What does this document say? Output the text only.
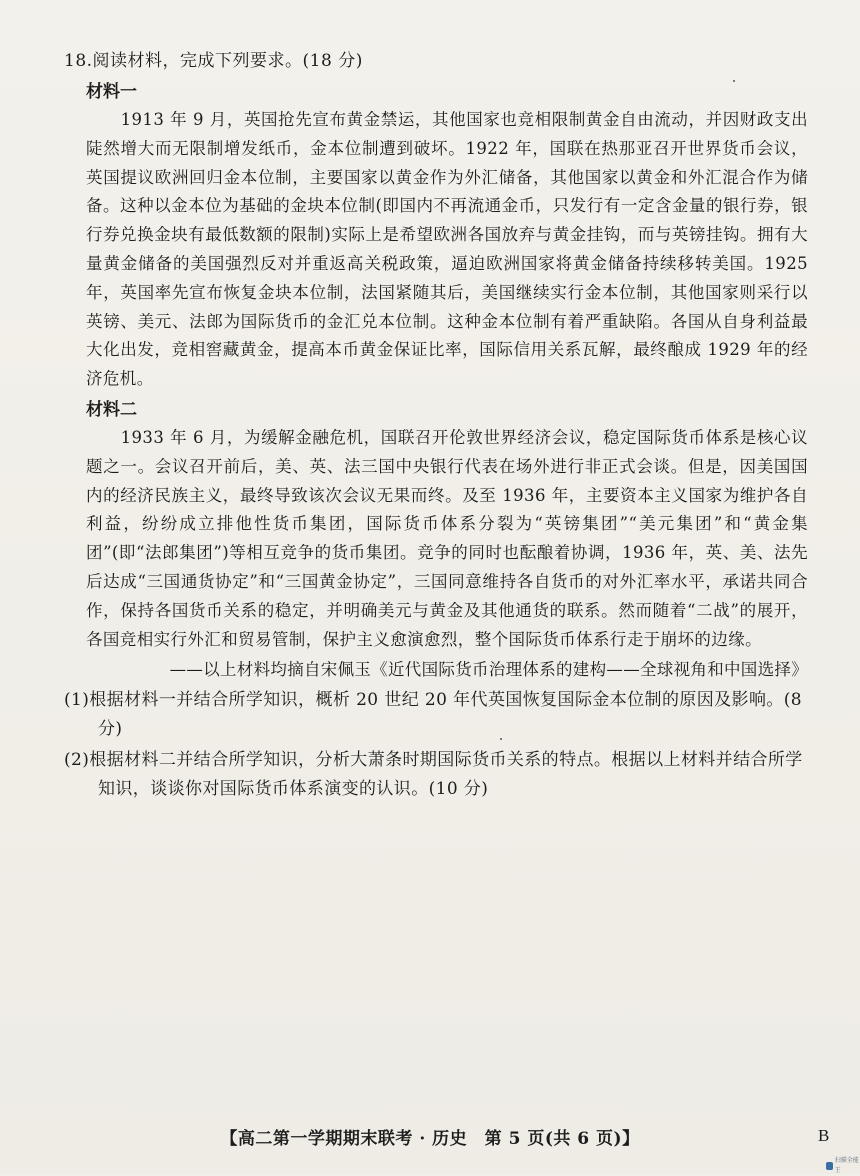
18.阅读材料，完成下列要求。(18 分)

材料一

1913 年 9 月，英国抢先宣布黄金禁运，其他国家也竞相限制黄金自由流动，并因财政支出陡然增大而无限制增发纸币，金本位制遭到破坏。1922 年，国联在热那亚召开世界货币会议，英国提议欧洲回归金本位制，主要国家以黄金作为外汇储备，其他国家以黄金和外汇混合作为储备。这种以金本位为基础的金块本位制(即国内不再流通金币，只发行有一定含金量的银行券，银行券兑换金块有最低数额的限制)实际上是希望欧洲各国放弃与黄金挂钩，而与英镑挂钩。拥有大量黄金储备的美国强烈反对并重返高关税政策，逼迫欧洲国家将黄金储备持续移转美国。1925 年，英国率先宣布恢复金块本位制，法国紧随其后，美国继续实行金本位制，其他国家则采行以英镑、美元、法郎为国际货币的金汇兑本位制。这种金本位制有着严重缺陷。各国从自身利益最大化出发，竞相窖藏黄金，提高本币黄金保证比率，国际信用关系瓦解，最终酿成 1929 年的经济危机。

材料二

1933 年 6 月，为缓解金融危机，国联召开伦敦世界经济会议，稳定国际货币体系是核心议题之一。会议召开前后，美、英、法三国中央银行代表在场外进行非正式会谈。但是，因美国国内的经济民族主义，最终导致该次会议无果而终。及至 1936 年，主要资本主义国家为维护各自利益，纷纷成立排他性货币集团，国际货币体系分裂为“英镑集团”“美元集团”和“黄金集团”(即“法郎集团”)等相互竞争的货币集团。竞争的同时也酝酿着协调，1936 年，英、美、法先后达成“三国通货协定”和“三国黄金协定”，三国同意维持各自货币的对外汇率水平，承诺共同合作，保持各国货币关系的稳定，并明确美元与黄金及其他通货的联系。然而随着“二战”的展开，各国竞相实行外汇和贸易管制，保护主义愈演愈烈，整个国际货币体系行走于崩坏的边缘。

——以上材料均摘自宋佩玉《近代国际货币治理体系的建构——全球视角和中国选择》

(1)根据材料一并结合所学知识，概析 20 世纪 20 年代英国恢复国际金本位制的原因及影响。(8 分)

(2)根据材料二并结合所学知识，分析大萧条时期国际货币关系的特点。根据以上材料并结合所学知识，谈谈你对国际货币体系演变的认识。(10 分)

【高二第一学期期末联考 · 历史　第 5 页(共 6 页)】	B
扫描全能王
